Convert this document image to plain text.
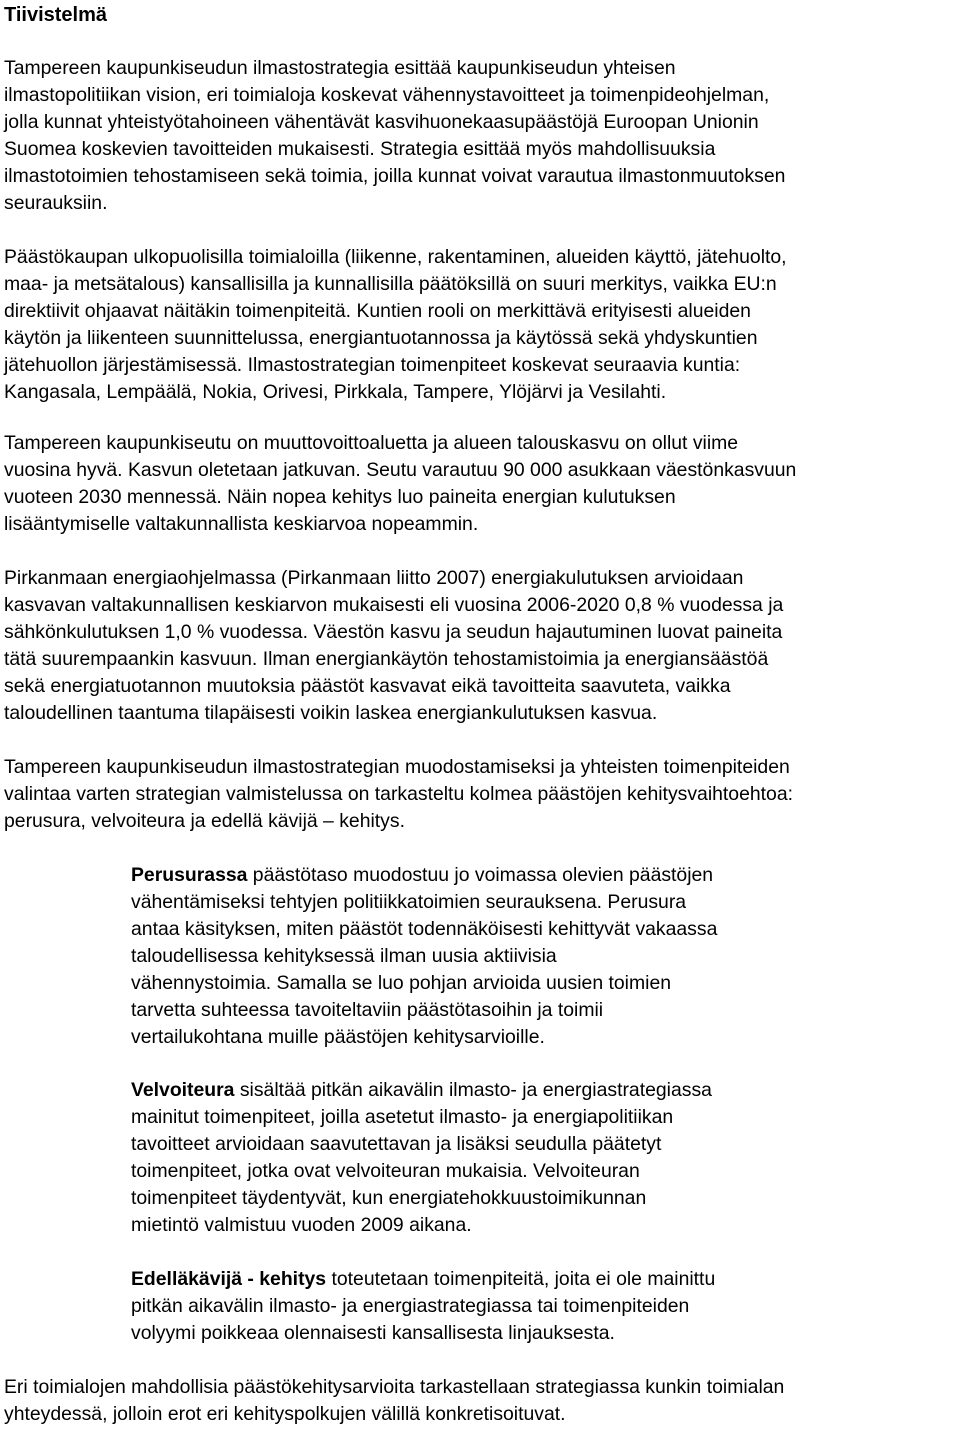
Tiivistelmä

Tampereen kaupunkiseudun ilmastostrategia esittää kaupunkiseudun yhteisen
ilmastopolitiikan vision, eri toimialoja koskevat vähennystavoitteet ja toimenpideohjelman,
jolla kunnat yhteistyötahoineen vähentävät kasvihuonekaasupäästöjä Euroopan Unionin
Suomea koskevien tavoitteiden mukaisesti. Strategia esittää myös mahdollisuuksia
ilmastotoimien tehostamiseen sekä toimia, joilla kunnat voivat varautua ilmastonmuutoksen
seurauksiin.

Päästökaupan ulkopuolisilla toimialoilla (liikenne, rakentaminen, alueiden käyttö, jätehuolto,
maa- ja metsätalous) kansallisilla ja kunnallisilla päätöksillä on suuri merkitys, vaikka EU:n
direktiivit ohjaavat näitäkin toimenpiteitä. Kuntien rooli on merkittävä erityisesti alueiden
käytön ja liikenteen suunnittelussa, energiantuotannossa ja käytössä sekä yhdyskuntien
jätehuollon järjestämisessä. Ilmastostrategian toimenpiteet koskevat seuraavia kuntia:
Kangasala, Lempäälä, Nokia, Orivesi, Pirkkala, Tampere, Ylöjärvi ja Vesilahti.

Tampereen kaupunkiseutu on muuttovoittoaluetta ja alueen talouskasvu on ollut viime
vuosina hyvä. Kasvun oletetaan jatkuvan. Seutu varautuu 90 000 asukkaan väestönkasvuun
vuoteen 2030 mennessä. Näin nopea kehitys luo paineita energian kulutuksen
lisääntymiselle valtakunnallista keskiarvoa nopeammin.

Pirkanmaan energiaohjelmassa (Pirkanmaan liitto 2007) energiakulutuksen arvioidaan
kasvavan valtakunnallisen keskiarvon mukaisesti eli vuosina 2006-2020 0,8 % vuodessa ja
sähkönkulutuksen 1,0 % vuodessa. Väestön kasvu ja seudun hajautuminen luovat paineita
tätä suurempaankin kasvuun. Ilman energiankäytön tehostamistoimia ja energiansäästöä
sekä energiatuotannon muutoksia päästöt kasvavat eikä tavoitteita saavuteta, vaikka
taloudellinen taantuma tilapäisesti voikin laskea energiankulutuksen kasvua.

Tampereen kaupunkiseudun ilmastostrategian muodostamiseksi ja yhteisten toimenpiteiden
valintaa varten strategian valmistelussa on tarkasteltu kolmea päästöjen kehitysvaihtoehtoa:
perusura, velvoiteura ja edellä kävijä – kehitys.

Perusurassa päästötaso muodostuu jo voimassa olevien päästöjen
vähentämiseksi tehtyjen politiikkatoimien seurauksena. Perusura
antaa käsityksen, miten päästöt todennäköisesti kehittyvät vakaassa
taloudellisessa kehityksessä ilman uusia aktiivisia
vähennystoimia. Samalla se luo pohjan arvioida uusien toimien
tarvetta suhteessa tavoiteltaviin päästötasoihin ja toimii
vertailukohtana muille päästöjen kehitysarvioille.

Velvoiteura sisältää pitkän aikavälin ilmasto- ja energiastrategiassa
mainitut toimenpiteet, joilla asetetut ilmasto- ja energiapolitiikan
tavoitteet arvioidaan saavutettavan ja lisäksi seudulla päätetyt
toimenpiteet, jotka ovat velvoiteuran mukaisia. Velvoiteuran
toimenpiteet täydentyvät, kun energiatehokkuustoimikunnan
mietintö valmistuu vuoden 2009 aikana.

Edelläkävijä - kehitys toteutetaan toimenpiteitä, joita ei ole mainittu
pitkän aikavälin ilmasto- ja energiastrategiassa tai toimenpiteiden
volyymi poikkeaa olennaisesti kansallisesta linjauksesta.

Eri toimialojen mahdollisia päästökehitysarvioita tarkastellaan strategiassa kunkin toimialan
yhteydessä, jolloin erot eri kehityspolkujen välillä konkretisoituvat.
